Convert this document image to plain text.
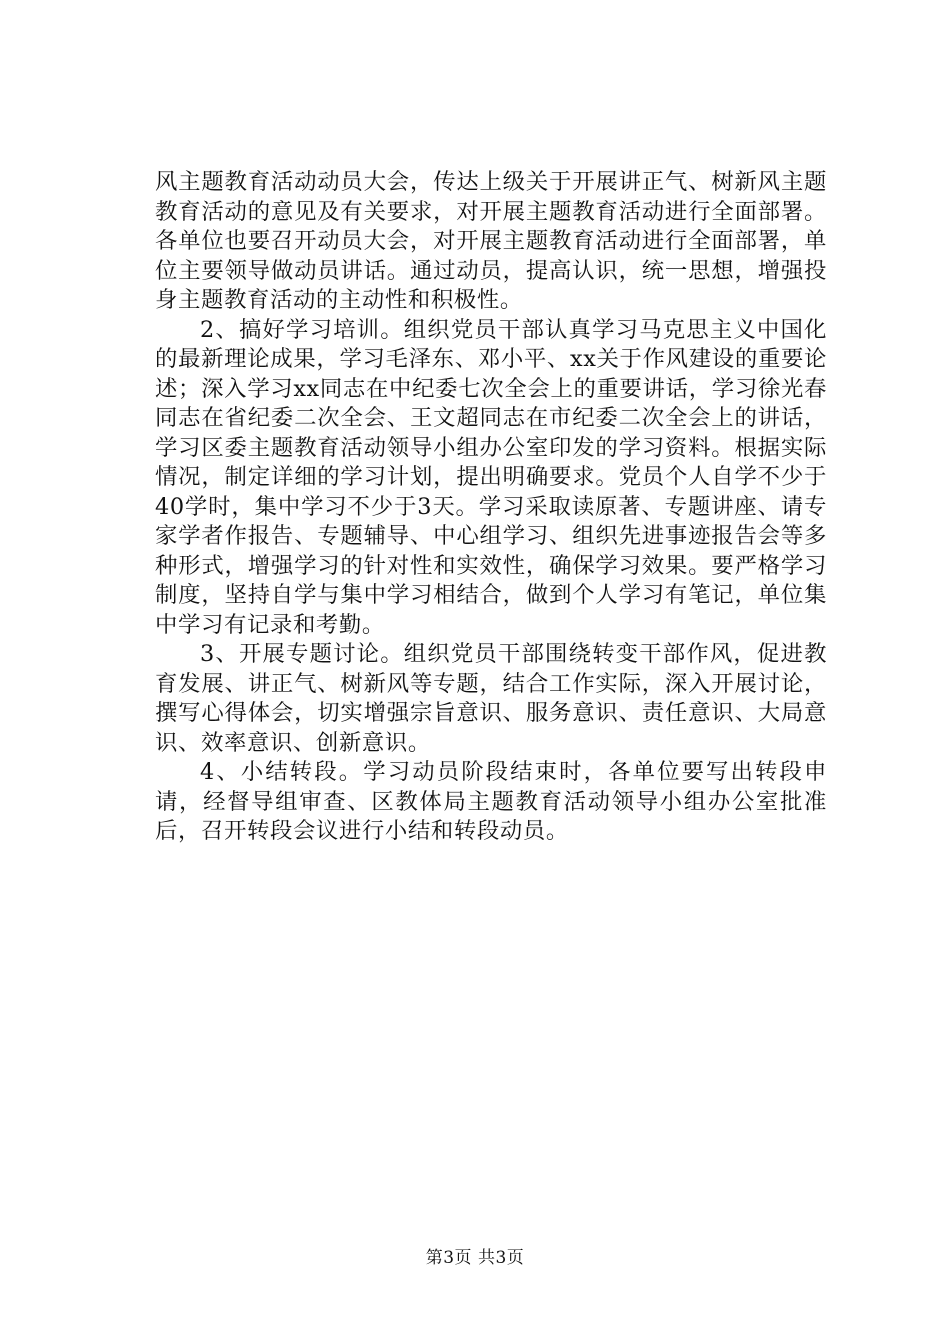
风主题教育活动动员大会，传达上级关于开展讲正气、树新风主题教育活动的意见及有关要求，对开展主题教育活动进行全面部署。各单位也要召开动员大会，对开展主题教育活动进行全面部署，单位主要领导做动员讲话。通过动员，提高认识，统一思想，增强投身主题教育活动的主动性和积极性。

2、搞好学习培训。组织党员干部认真学习马克思主义中国化的最新理论成果，学习毛泽东、邓小平、xx关于作风建设的重要论述；深入学习xx同志在中纪委七次全会上的重要讲话，学习徐光春同志在省纪委二次全会、王文超同志在市纪委二次全会上的讲话，学习区委主题教育活动领导小组办公室印发的学习资料。根据实际情况，制定详细的学习计划，提出明确要求。党员个人自学不少于40学时，集中学习不少于3天。学习采取读原著、专题讲座、请专家学者作报告、专题辅导、中心组学习、组织先进事迹报告会等多种形式，增强学习的针对性和实效性，确保学习效果。要严格学习制度，坚持自学与集中学习相结合，做到个人学习有笔记，单位集中学习有记录和考勤。

3、开展专题讨论。组织党员干部围绕转变干部作风，促进教育发展、讲正气、树新风等专题，结合工作实际，深入开展讨论，撰写心得体会，切实增强宗旨意识、服务意识、责任意识、大局意识、效率意识、创新意识。

4、小结转段。学习动员阶段结束时，各单位要写出转段申请，经督导组审查、区教体局主题教育活动领导小组办公室批准后，召开转段会议进行小结和转段动员。

第3页 共3页
